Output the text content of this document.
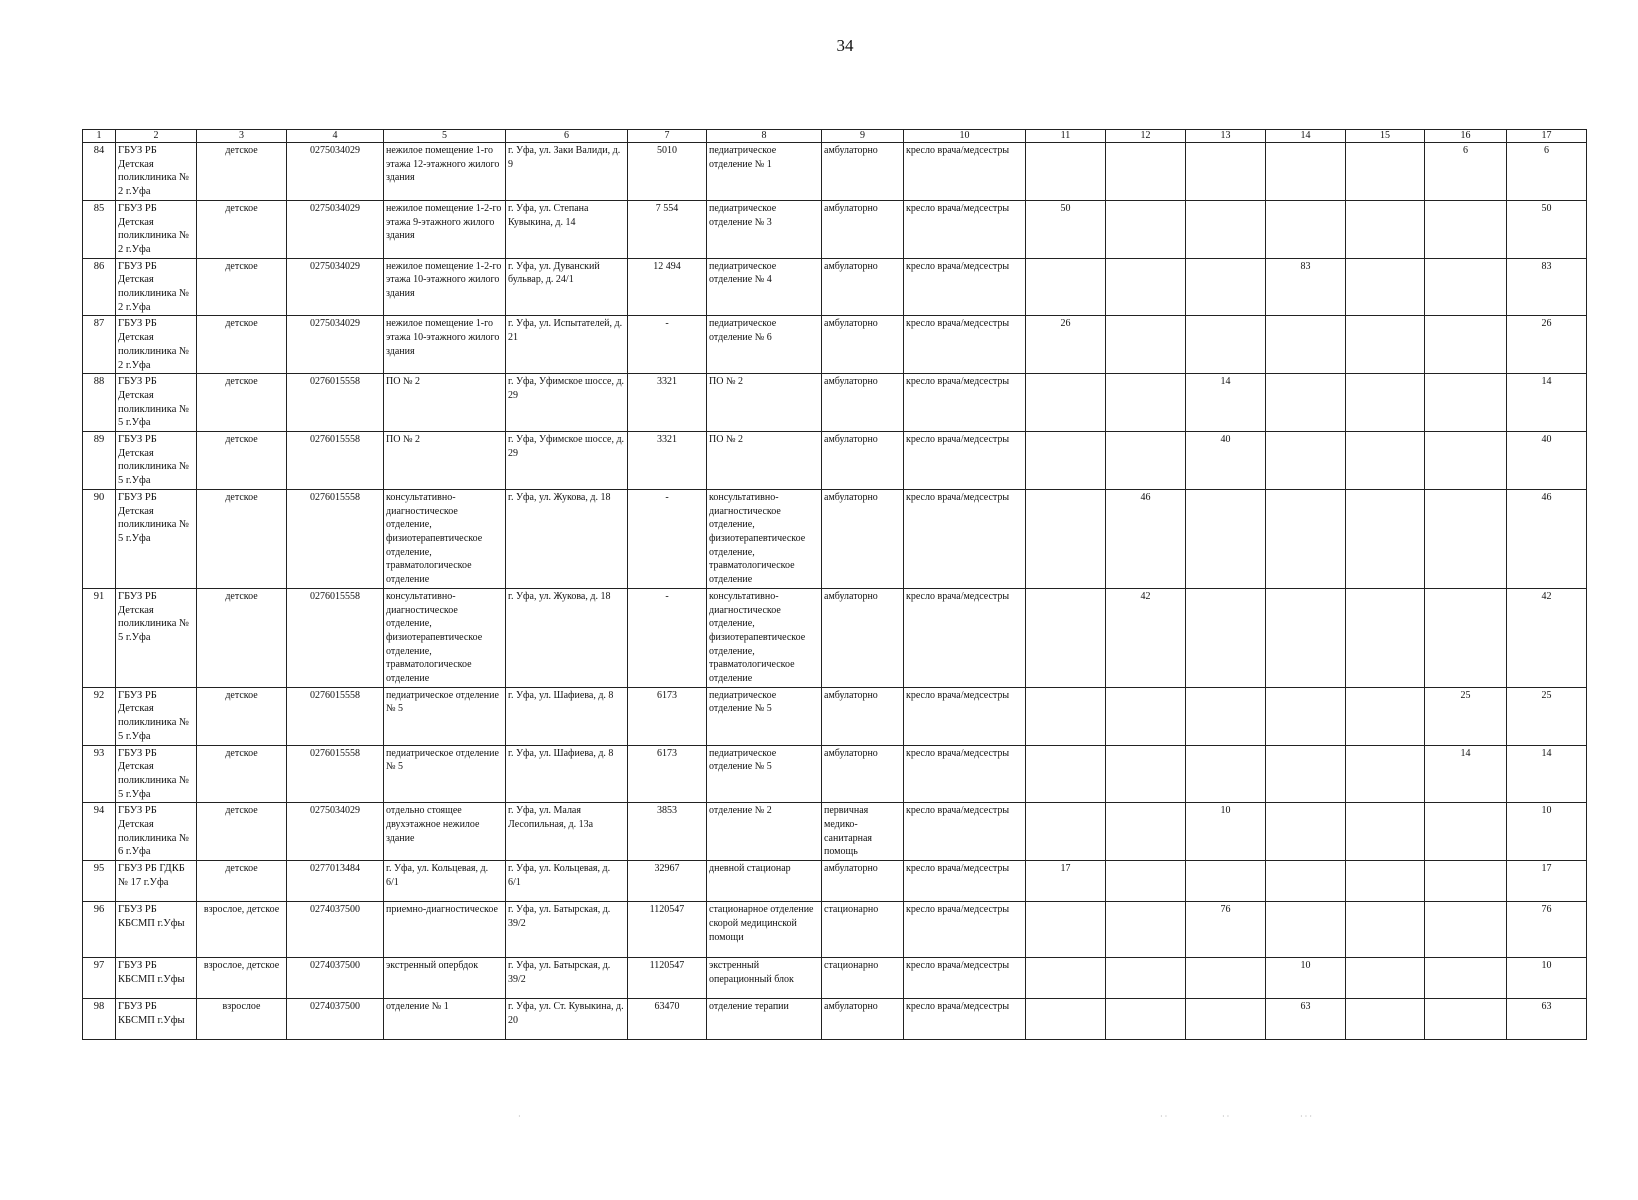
34
1	2	3	4	5	6	7	8	9	10	11	12	13	14	15	16	17
84	ГБУЗ РБ Детская поликлиника № 2 г.Уфа	детское	0275034029	нежилое помещение 1-го этажа 12-этажного жилого здания	г. Уфа, ул. Заки Валиди, д. 9	5010	педиатрическое отделение № 1	амбулаторно	кресло врача/медсестры						6	6
85	ГБУЗ РБ Детская поликлиника № 2 г.Уфа	детское	0275034029	нежилое помещение 1-2-го этажа 9-этажного жилого здания	г. Уфа, ул. Степана Кувыкина, д. 14	7 554	педиатрическое отделение № 3	амбулаторно	кресло врача/медсестры	50						50
86	ГБУЗ РБ Детская поликлиника № 2 г.Уфа	детское	0275034029	нежилое помещение 1-2-го этажа 10-этажного жилого здания	г. Уфа, ул. Дуванский бульвар, д. 24/1	12 494	педиатрическое отделение № 4	амбулаторно	кресло врача/медсестры				83			83
87	ГБУЗ РБ Детская поликлиника № 2 г.Уфа	детское	0275034029	нежилое помещение 1-го этажа 10-этажного жилого здания	г. Уфа, ул. Испытателей, д. 21	-	педиатрическое отделение № 6	амбулаторно	кресло врача/медсестры	26						26
88	ГБУЗ РБ Детская поликлиника № 5 г.Уфа	детское	0276015558	ПО № 2	г. Уфа, Уфимское шоссе, д. 29	3321	ПО № 2	амбулаторно	кресло врача/медсестры			14				14
89	ГБУЗ РБ Детская поликлиника № 5 г.Уфа	детское	0276015558	ПО № 2	г. Уфа, Уфимское шоссе, д. 29	3321	ПО № 2	амбулаторно	кресло врача/медсестры			40				40
90	ГБУЗ РБ Детская поликлиника № 5 г.Уфа	детское	0276015558	консультативно-диагностическое отделение, физиотерапевтическое отделение, травматологическое отделение	г. Уфа, ул. Жукова, д. 18	-	консультативно-диагностическое отделение, физиотерапевтическое отделение, травматологическое отделение	амбулаторно	кресло врача/медсестры		46					46
91	ГБУЗ РБ Детская поликлиника № 5 г.Уфа	детское	0276015558	консультативно-диагностическое отделение, физиотерапевтическое отделение, травматологическое отделение	г. Уфа, ул. Жукова, д. 18	-	консультативно-диагностическое отделение, физиотерапевтическое отделение, травматологическое отделение	амбулаторно	кресло врача/медсестры		42					42
92	ГБУЗ РБ Детская поликлиника № 5 г.Уфа	детское	0276015558	педиатрическое отделение № 5	г. Уфа, ул. Шафиева, д. 8	6173	педиатрическое отделение № 5	амбулаторно	кресло врача/медсестры						25	25
93	ГБУЗ РБ Детская поликлиника № 5 г.Уфа	детское	0276015558	педиатрическое отделение № 5	г. Уфа, ул. Шафиева, д. 8	6173	педиатрическое отделение № 5	амбулаторно	кресло врача/медсестры						14	14
94	ГБУЗ РБ Детская поликлиника № 6 г.Уфа	детское	0275034029	отдельно стоящее двухэтажное нежилое здание	г. Уфа, ул. Малая Лесопильная, д. 13а	3853	отделение № 2	первичная медико-санитарная помощь	кресло врача/медсестры			10				10
95	ГБУЗ РБ ГДКБ № 17 г.Уфа	детское	0277013484	г. Уфа, ул. Кольцевая, д. 6/1	г. Уфа, ул. Кольцевая, д. 6/1	32967	дневной стационар	амбулаторно	кресло врача/медсестры	17						17
96	ГБУЗ РБ КБСМП г.Уфы	взрослое, детское	0274037500	приемно-диагностическое	г. Уфа, ул. Батырская, д. 39/2	1120547	стационарное отделение скорой медицинской помощи	стационарно	кресло врача/медсестры			76				76
97	ГБУЗ РБ КБСМП г.Уфы	взрослое, детское	0274037500	экстренный опербдок	г. Уфа, ул. Батырская, д. 39/2	1120547	экстренный операционный блок	стационарно	кресло врача/медсестры				10			10
98	ГБУЗ РБ КБСМП г.Уфы	взрослое	0274037500	отделение № 1	г. Уфа, ул. Ст. Кувыкина, д. 20	63470	отделение терапии	амбулаторно	кресло врача/медсестры				63			63
·	· ·	· ·	· · ·
